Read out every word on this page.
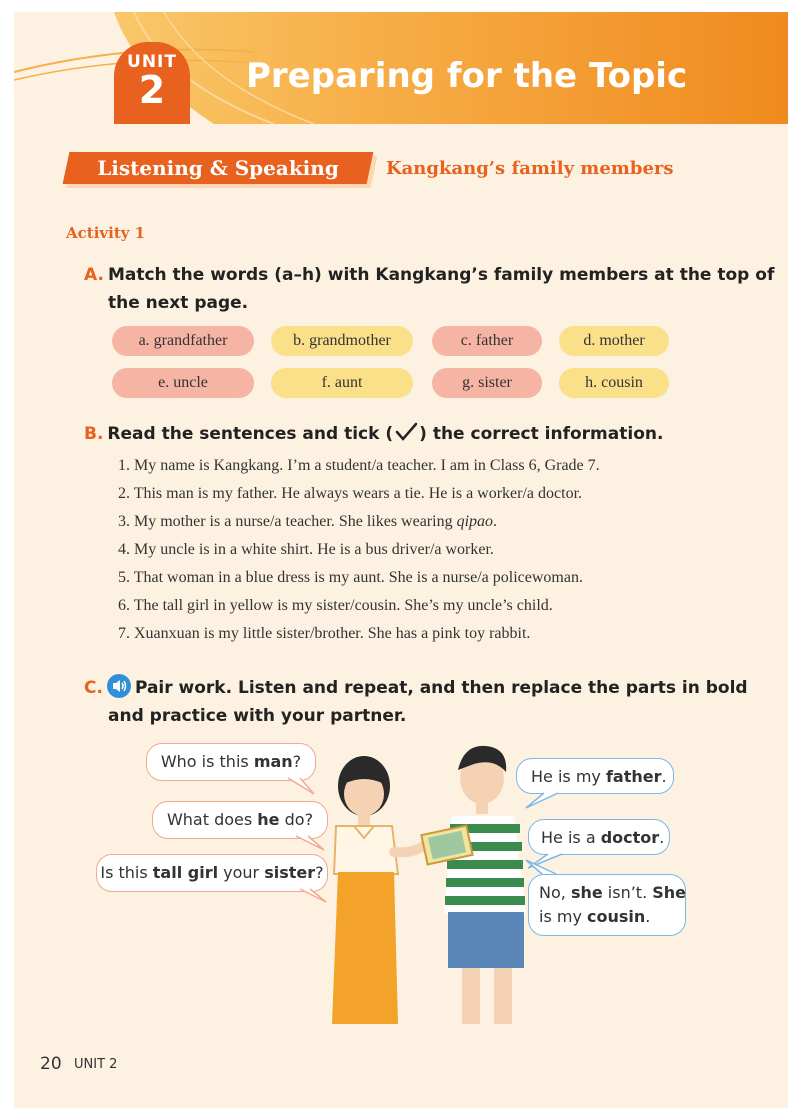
UNIT
2	Preparing for the Topic
Listening & Speaking	Kangkang’s family members
Activity 1
A. Match the words (a–h) with Kangkang’s family members at the top of
the next page.
a. grandfather	b. grandmother	c. father	d. mother
e. uncle	f. aunt	g. sister	h. cousin
B. Read the sentences and tick ( ) the correct information.
1. My name is Kangkang. I’m a student/a teacher. I am in Class 6, Grade 7.
2. This man is my father. He always wears a tie. He is a worker/a doctor.
3. My mother is a nurse/a teacher. She likes wearing qipao.
4. My uncle is in a white shirt. He is a bus driver/a worker.
5. That woman in a blue dress is my aunt. She is a nurse/a policewoman.
6. The tall girl in yellow is my sister/cousin. She’s my uncle’s child.
7. Xuanxuan is my little sister/brother. She has a pink toy rabbit.
C. Pair work. Listen and repeat, and then replace the parts in bold
and practice with your partner.
Who is this man?
What does he do?
Is this tall girl your sister?
He is my father.
He is a doctor.
No, she isn’t. She
is my cousin.
20 UNIT 2
